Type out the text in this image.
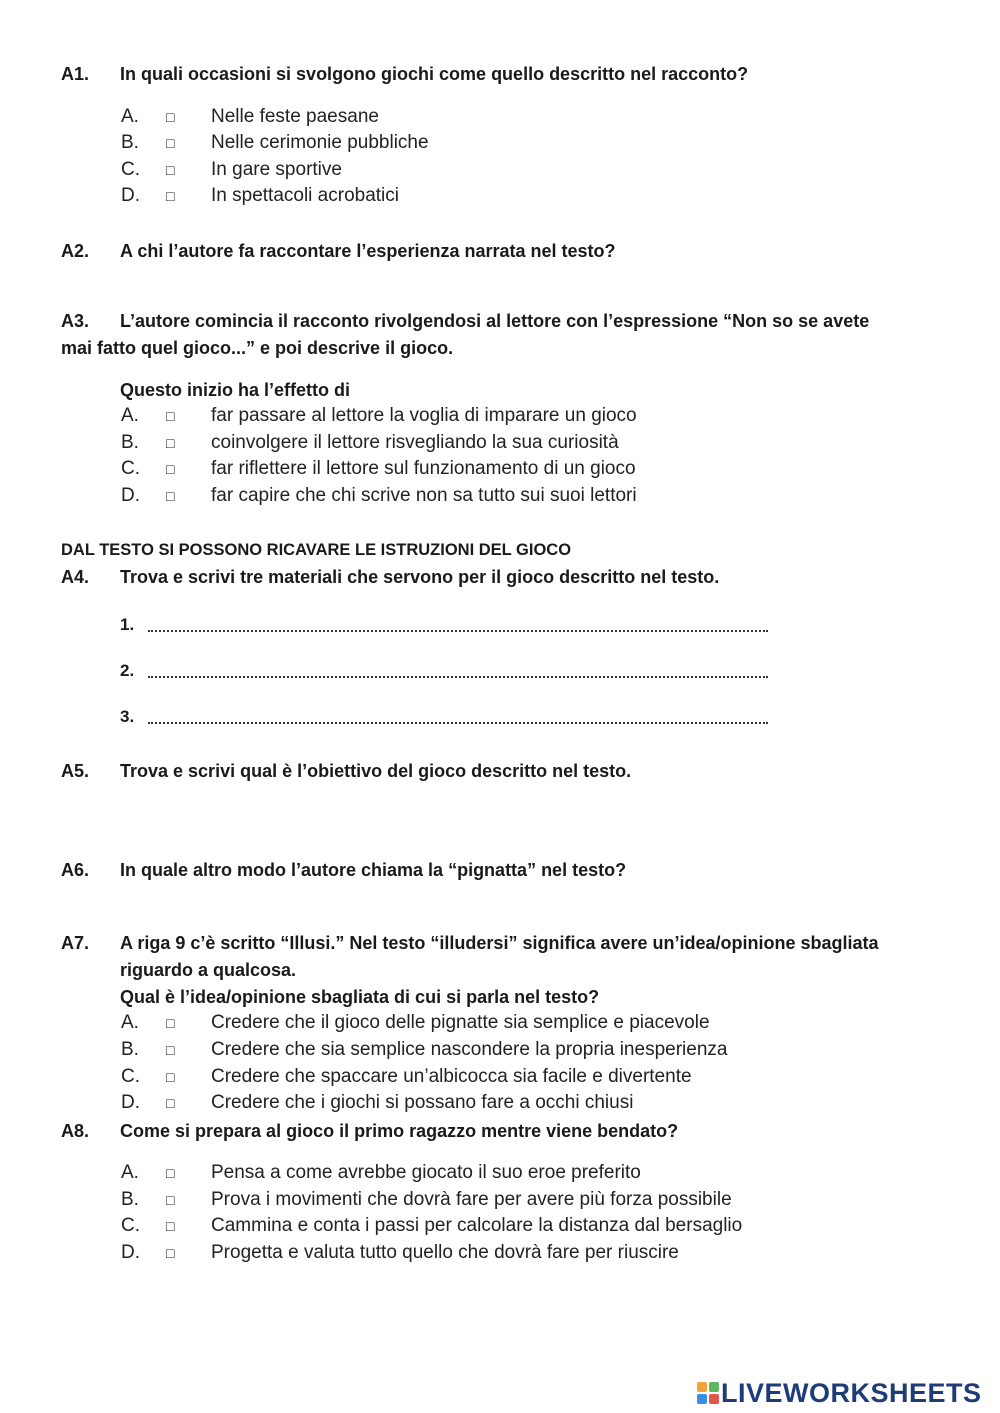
A1. In quali occasioni si svolgono giochi come quello descritto nel racconto?
A. □ Nelle feste paesane
B. □ Nelle cerimonie pubbliche
C. □ In gare sportive
D. □ In spettacoli acrobatici
A2. A chi l’autore fa raccontare l’esperienza narrata nel testo?
A3. L’autore comincia il racconto rivolgendosi al lettore con l’espressione “Non so se avete
mai fatto quel gioco...” e poi descrive il gioco.
Questo inizio ha l’effetto di
A. □ far passare al lettore la voglia di imparare un gioco
B. □ coinvolgere il lettore risvegliando la sua curiosità
C. □ far riflettere il lettore sul funzionamento di un gioco
D. □ far capire che chi scrive non sa tutto sui suoi lettori
DAL TESTO SI POSSONO RICAVARE LE ISTRUZIONI DEL GIOCO
A4. Trova e scrivi tre materiali che servono per il gioco descritto nel testo.
1.
2.
3.
A5. Trova e scrivi qual è l’obiettivo del gioco descritto nel testo.
A6. In quale altro modo l’autore chiama la “pignatta” nel testo?
A7. A riga 9 c’è scritto “Illusi.” Nel testo “illudersi” significa avere un’idea/opinione sbagliata
riguardo a qualcosa.
Qual è l’idea/opinione sbagliata di cui si parla nel testo?
A. □ Credere che il gioco delle pignatte sia semplice e piacevole
B. □ Credere che sia semplice nascondere la propria inesperienza
C. □ Credere che spaccare un’albicocca sia facile e divertente
D. □ Credere che i giochi si possano fare a occhi chiusi
A8. Come si prepara al gioco il primo ragazzo mentre viene bendato?
A. □ Pensa a come avrebbe giocato il suo eroe preferito
B. □ Prova i movimenti che dovrà fare per avere più forza possibile
C. □ Cammina e conta i passi per calcolare la distanza dal bersaglio
D. □ Progetta e valuta tutto quello che dovrà fare per riuscire
LIVEWORKSHEETS
